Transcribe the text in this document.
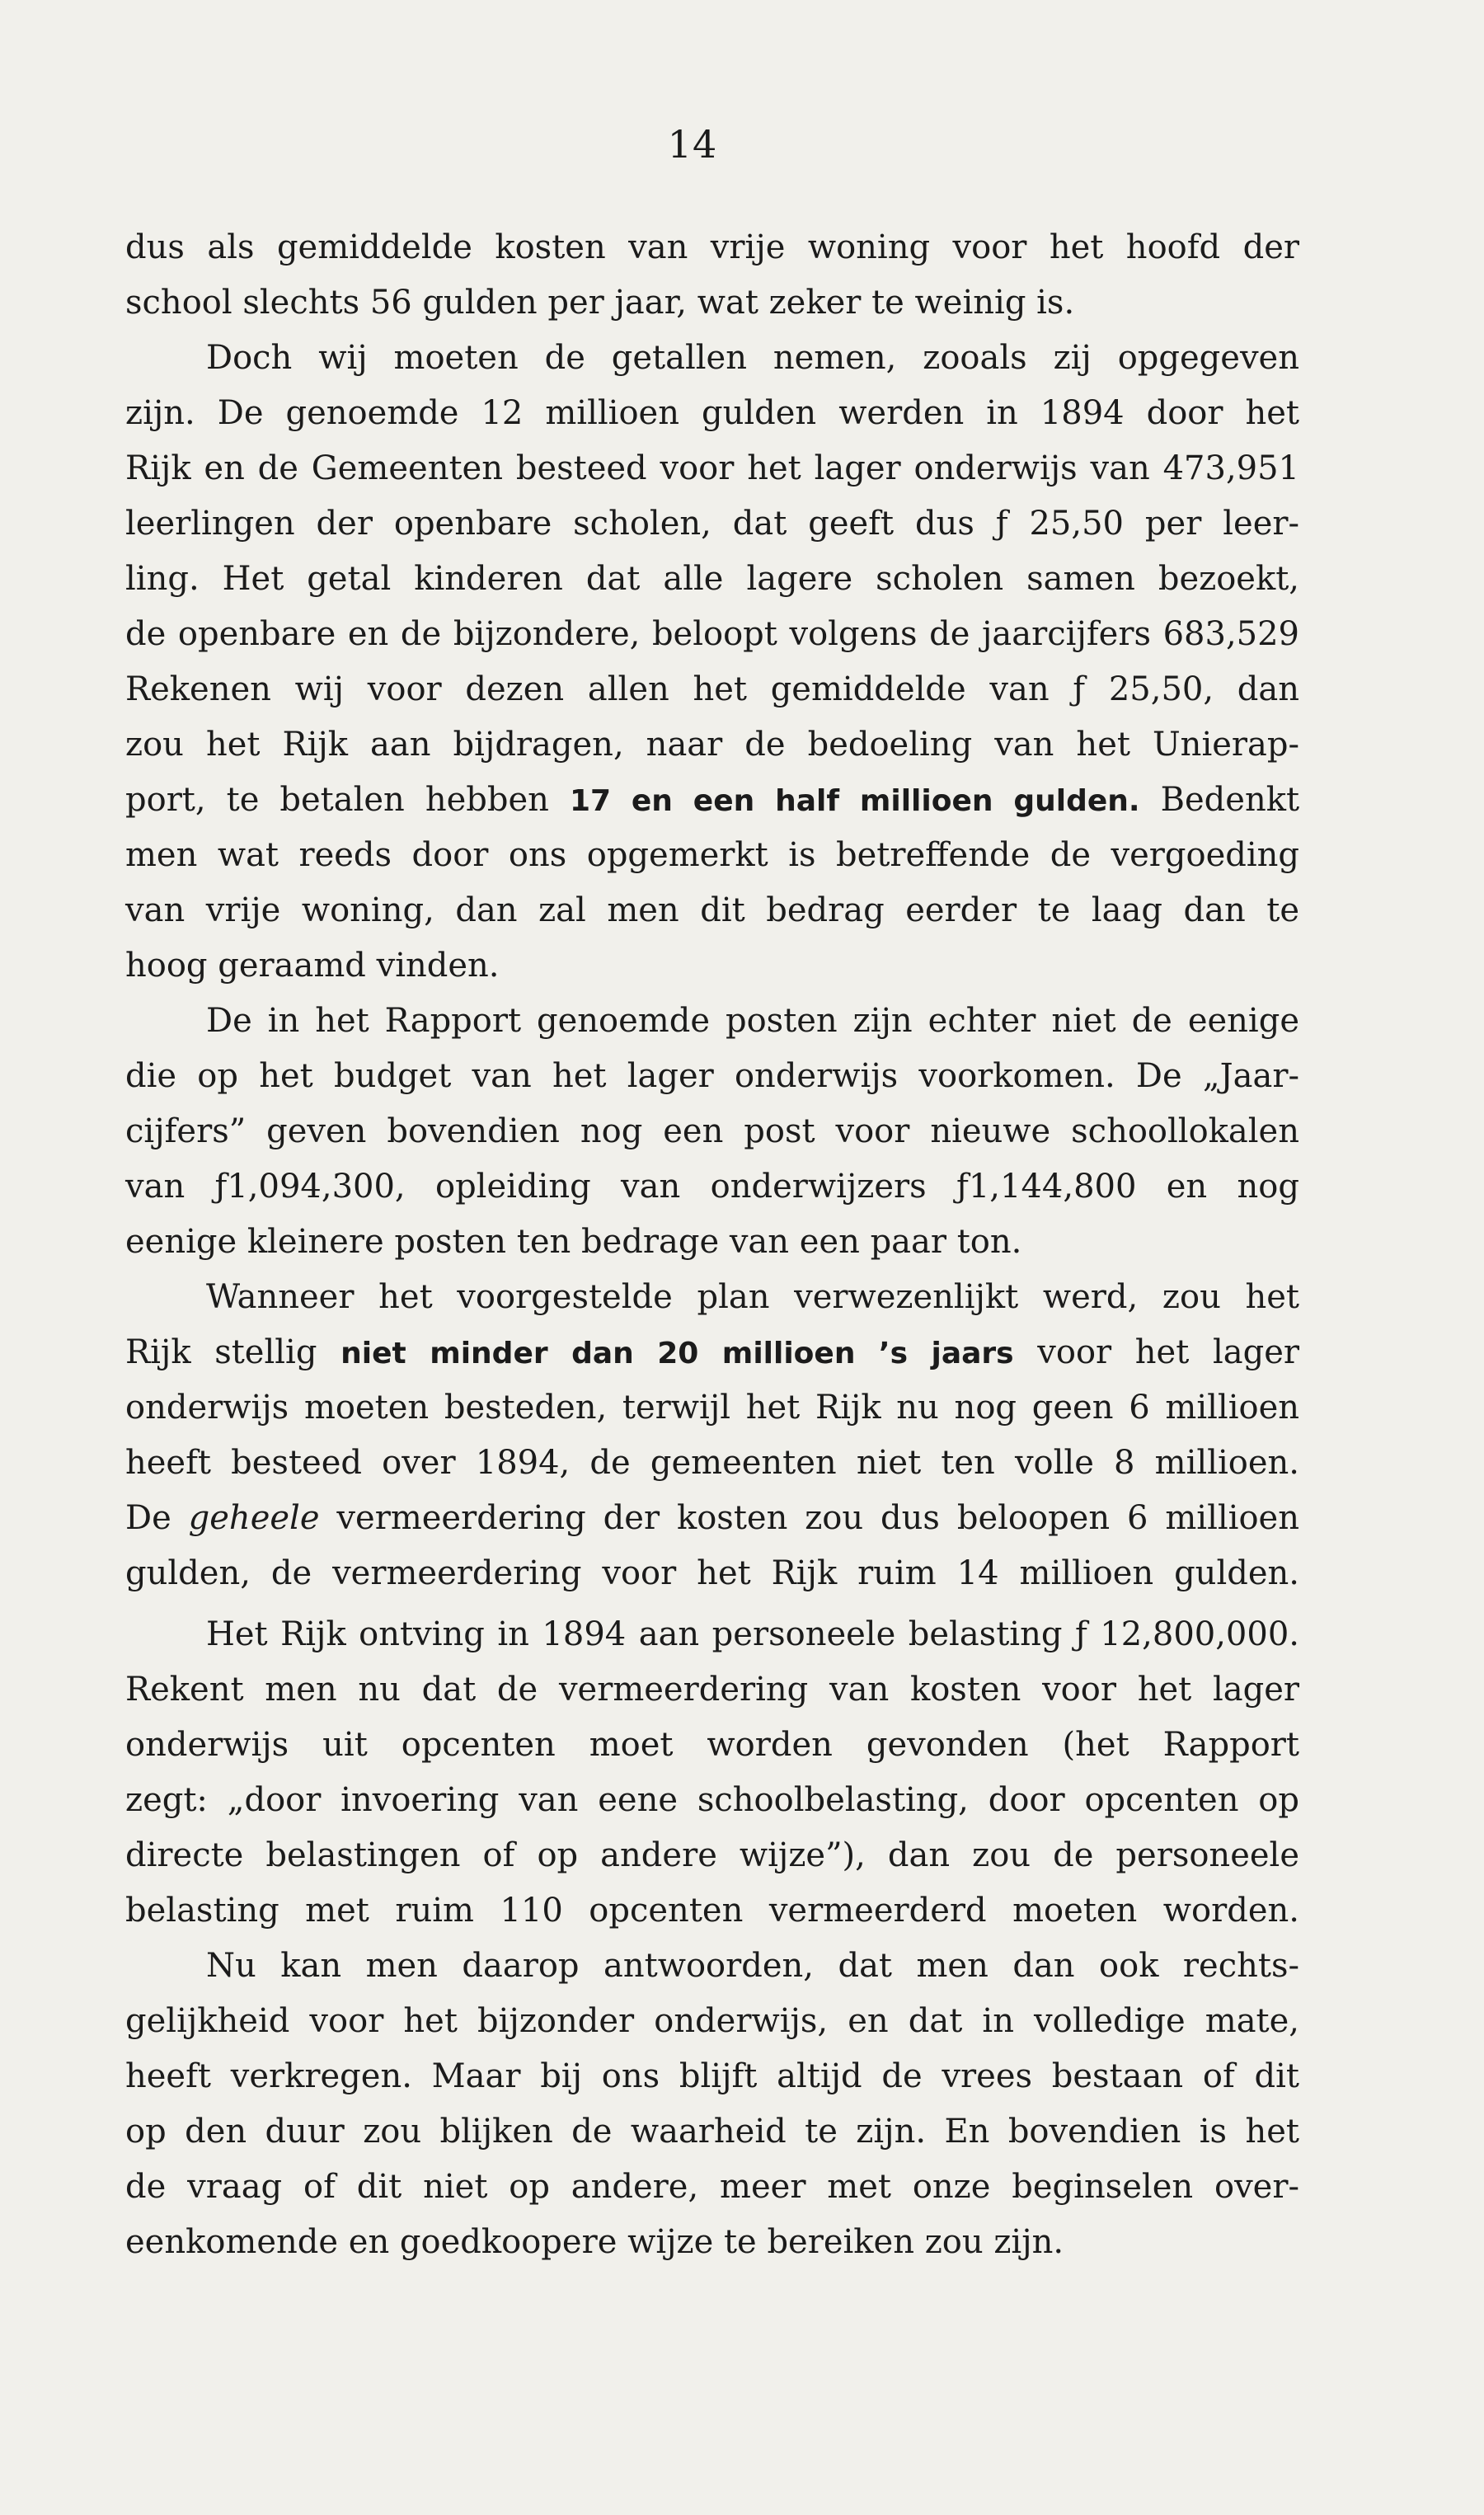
14
dus als gemiddelde kosten van vrije woning voor het hoofd der
school slechts 56 gulden per jaar, wat zeker te weinig is.
Doch wij moeten de getallen nemen, zooals zij opgegeven
zijn. De genoemde 12 millioen gulden werden in 1894 door het
Rijk en de Gemeenten besteed voor het lager onderwijs van 473,951
leerlingen der openbare scholen, dat geeft dus ƒ 25,50 per leer-
ling. Het getal kinderen dat alle lagere scholen samen bezoekt,
de openbare en de bijzondere, beloopt volgens de jaarcijfers 683,529
Rekenen wij voor dezen allen het gemiddelde van ƒ 25,50, dan
zou het Rijk aan bijdragen, naar de bedoeling van het Unierap-
port, te betalen hebben 17 en een half millioen gulden. Bedenkt
men wat reeds door ons opgemerkt is betreffende de vergoeding
van vrije woning, dan zal men dit bedrag eerder te laag dan te
hoog geraamd vinden.
De in het Rapport genoemde posten zijn echter niet de eenige
die op het budget van het lager onderwijs voorkomen. De „Jaar-
cijfers” geven bovendien nog een post voor nieuwe schoollokalen
van ƒ1,094,300, opleiding van onderwijzers ƒ1,144,800 en nog
eenige kleinere posten ten bedrage van een paar ton.
Wanneer het voorgestelde plan verwezenlijkt werd, zou het
Rijk stellig niet minder dan 20 millioen ’s jaars voor het lager
onderwijs moeten besteden, terwijl het Rijk nu nog geen 6 millioen
heeft besteed over 1894, de gemeenten niet ten volle 8 millioen.
De geheele vermeerdering der kosten zou dus beloopen 6 millioen
gulden, de vermeerdering voor het Rijk ruim 14 millioen gulden.
Het Rijk ontving in 1894 aan personeele belasting ƒ 12,800,000.
Rekent men nu dat de vermeerdering van kosten voor het lager
onderwijs uit opcenten moet worden gevonden (het Rapport
zegt: „door invoering van eene schoolbelasting, door opcenten op
directe belastingen of op andere wijze”), dan zou de personeele
belasting met ruim 110 opcenten vermeerderd moeten worden.
Nu kan men daarop antwoorden, dat men dan ook rechts-
gelijkheid voor het bijzonder onderwijs, en dat in volledige mate,
heeft verkregen. Maar bij ons blijft altijd de vrees bestaan of dit
op den duur zou blijken de waarheid te zijn. En bovendien is het
de vraag of dit niet op andere, meer met onze beginselen over-
eenkomende en goedkoopere wijze te bereiken zou zijn.
